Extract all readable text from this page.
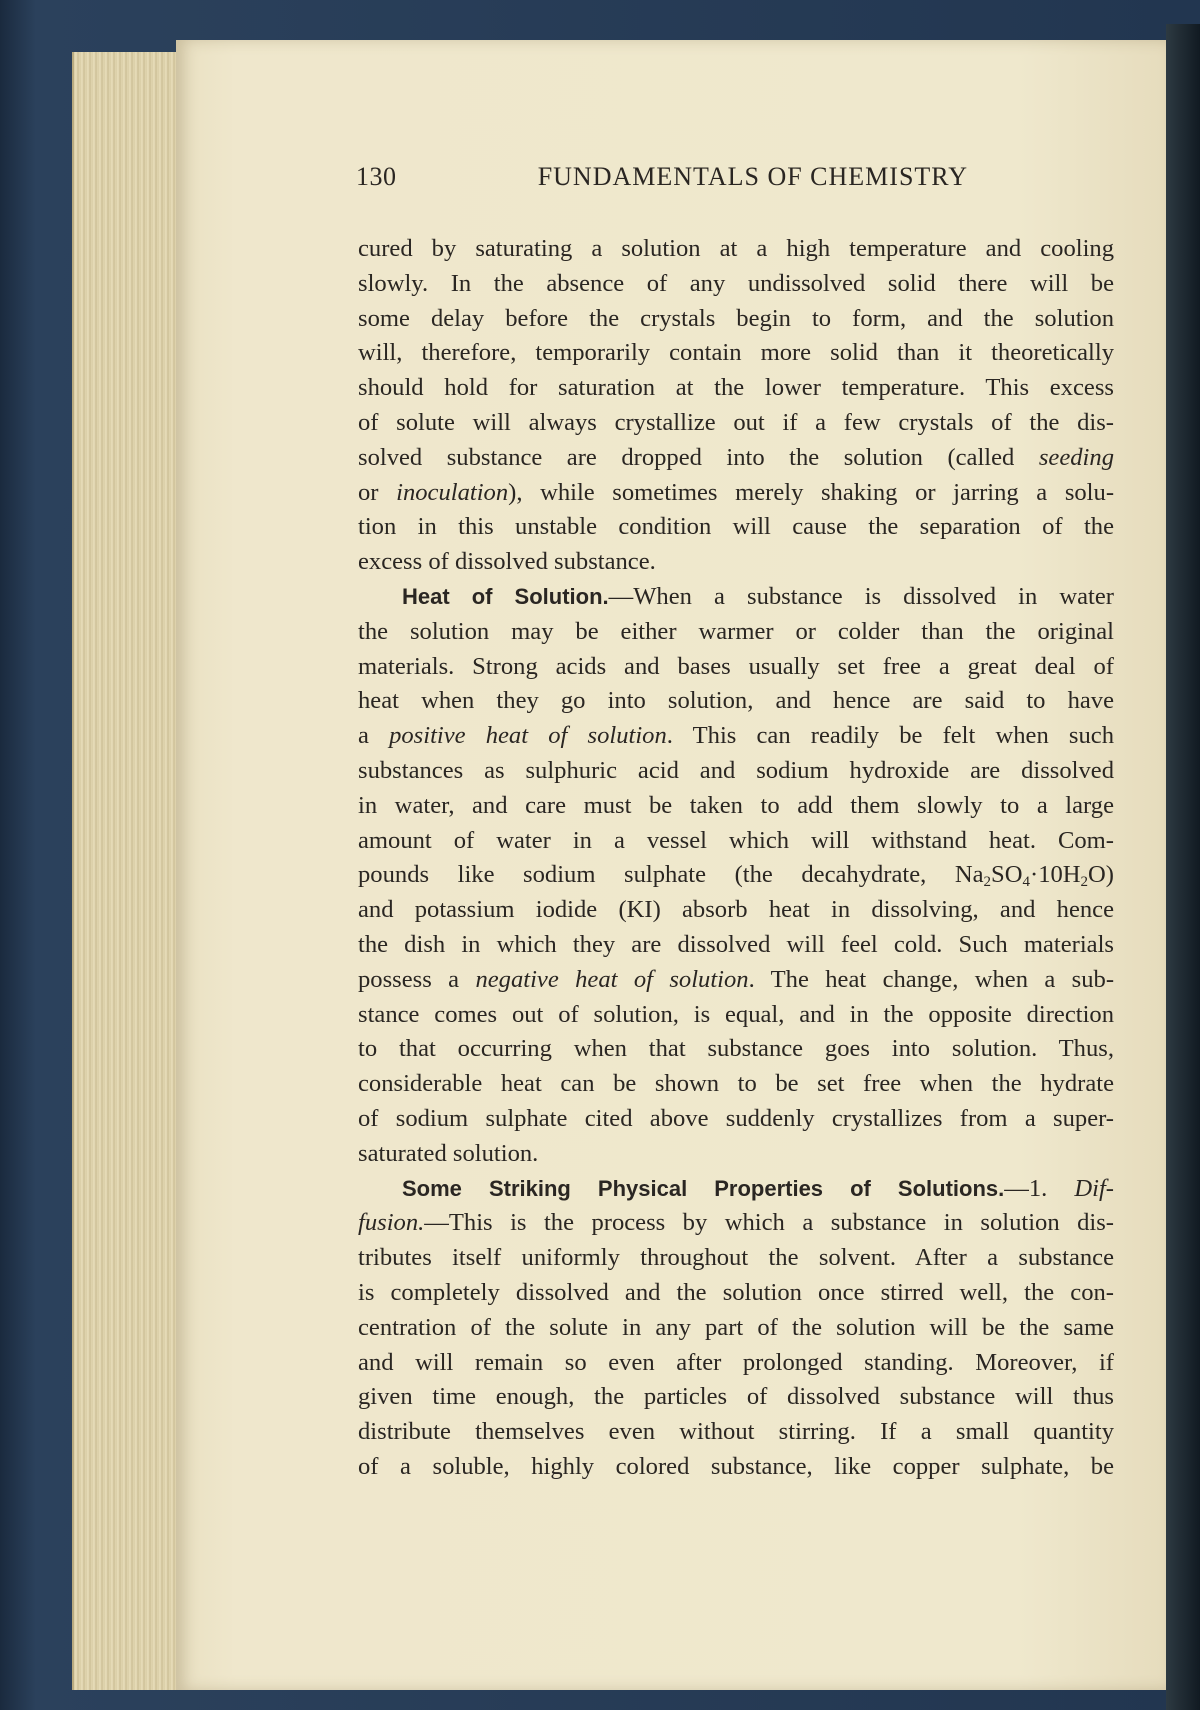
130	FUNDAMENTALS OF CHEMISTRY

cured by saturating a solution at a high temperature and cooling
slowly. In the absence of any undissolved solid there will be
some delay before the crystals begin to form, and the solution
will, therefore, temporarily contain more solid than it theoretically
should hold for saturation at the lower temperature. This excess
of solute will always crystallize out if a few crystals of the dis-
solved substance are dropped into the solution (called seeding
or inoculation), while sometimes merely shaking or jarring a solu-
tion in this unstable condition will cause the separation of the
excess of dissolved substance.

Heat of Solution.—When a substance is dissolved in water
the solution may be either warmer or colder than the original
materials. Strong acids and bases usually set free a great deal of
heat when they go into solution, and hence are said to have
a positive heat of solution. This can readily be felt when such
substances as sulphuric acid and sodium hydroxide are dissolved
in water, and care must be taken to add them slowly to a large
amount of water in a vessel which will withstand heat. Com-
pounds like sodium sulphate (the decahydrate, $Na_2SO_4\cdot 10H_2O$)
and potassium iodide (KI) absorb heat in dissolving, and hence
the dish in which they are dissolved will feel cold. Such materials
possess a negative heat of solution. The heat change, when a sub-
stance comes out of solution, is equal, and in the opposite direction
to that occurring when that substance goes into solution. Thus,
considerable heat can be shown to be set free when the hydrate
of sodium sulphate cited above suddenly crystallizes from a super-
saturated solution.

Some Striking Physical Properties of Solutions.—1. Dif-
fusion.—This is the process by which a substance in solution dis-
tributes itself uniformly throughout the solvent. After a substance
is completely dissolved and the solution once stirred well, the con-
centration of the solute in any part of the solution will be the same
and will remain so even after prolonged standing. Moreover, if
given time enough, the particles of dissolved substance will thus
distribute themselves even without stirring. If a small quantity
of a soluble, highly colored substance, like copper sulphate, be
